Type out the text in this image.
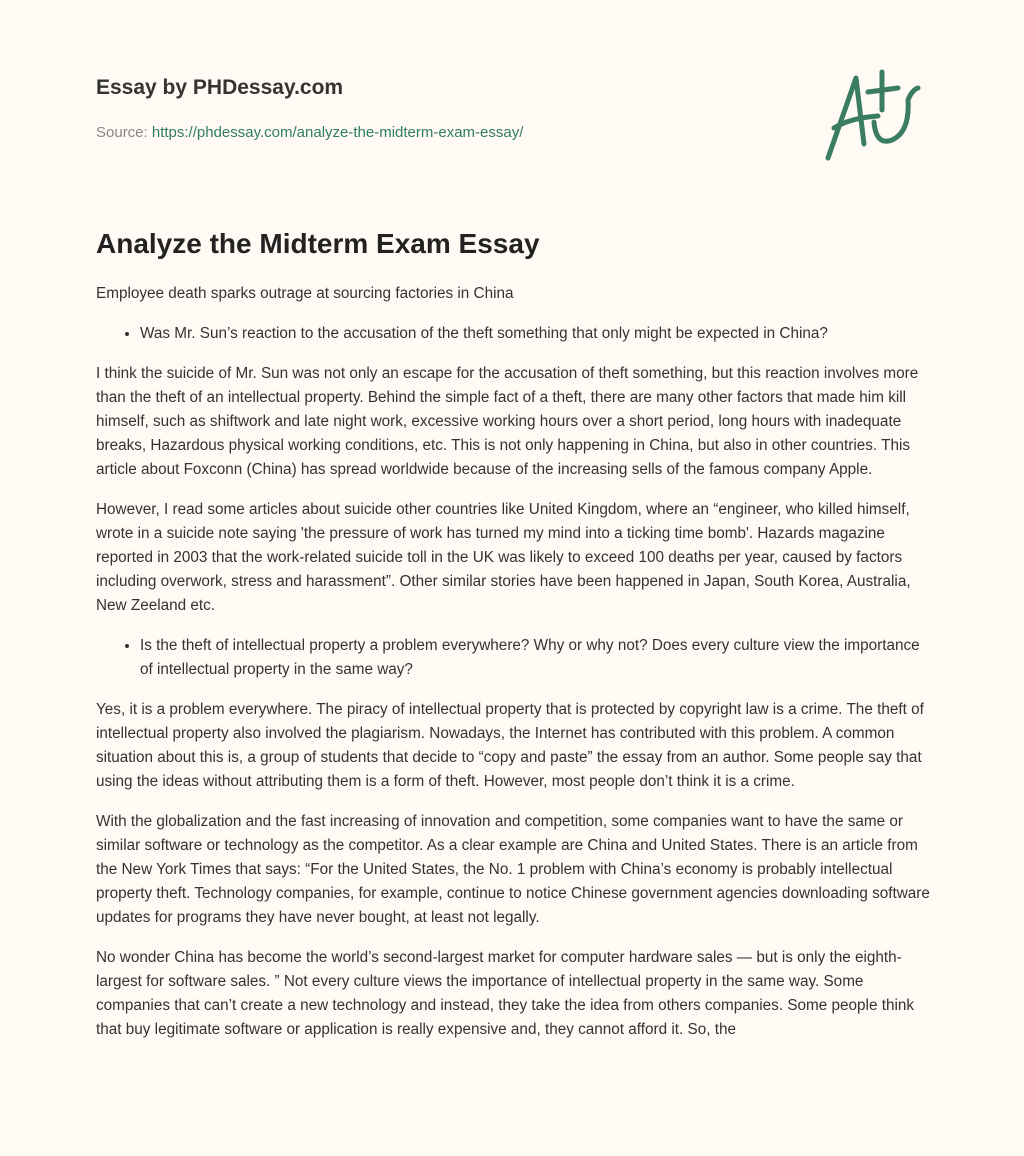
Essay by PHDessay.com
Source: https://phdessay.com/analyze-the-midterm-exam-essay/
Analyze the Midterm Exam Essay

Employee death sparks outrage at sourcing factories in China

• Was Mr. Sun’s reaction to the accusation of the theft something that only might be expected in China?

I think the suicide of Mr. Sun was not only an escape for the accusation of theft something, but this reaction involves more than the theft of an intellectual property. Behind the simple fact of a theft, there are many other factors that made him kill himself, such as shiftwork and late night work, excessive working hours over a short period, long hours with inadequate breaks, Hazardous physical working conditions, etc. This is not only happening in China, but also in other countries. This article about Foxconn (China) has spread worldwide because of the increasing sells of the famous company Apple.

However, I read some articles about suicide other countries like United Kingdom, where an “engineer, who killed himself, wrote in a suicide note saying 'the pressure of work has turned my mind into a ticking time bomb'. Hazards magazine reported in 2003 that the work-related suicide toll in the UK was likely to exceed 100 deaths per year, caused by factors including overwork, stress and harassment”. Other similar stories have been happened in Japan, South Korea, Australia, New Zeeland etc.

• Is the theft of intellectual property a problem everywhere? Why or why not? Does every culture view the importance of intellectual property in the same way?

Yes, it is a problem everywhere. The piracy of intellectual property that is protected by copyright law is a crime. The theft of intellectual property also involved the plagiarism. Nowadays, the Internet has contributed with this problem. A common situation about this is, a group of students that decide to “copy and paste” the essay from an author. Some people say that using the ideas without attributing them is a form of theft. However, most people don’t think it is a crime.

With the globalization and the fast increasing of innovation and competition, some companies want to have the same or similar software or technology as the competitor. As a clear example are China and United States. There is an article from the New York Times that says: “For the United States, the No. 1 problem with China’s economy is probably intellectual property theft. Technology companies, for example, continue to notice Chinese government agencies downloading software updates for programs they have never bought, at least not legally.

No wonder China has become the world’s second-largest market for computer hardware sales — but is only the eighth-largest for software sales. ” Not every culture views the importance of intellectual property in the same way. Some companies that can’t create a new technology and instead, they take the idea from others companies. Some people think that buy legitimate software or application is really expensive and, they cannot afford it. So, the
